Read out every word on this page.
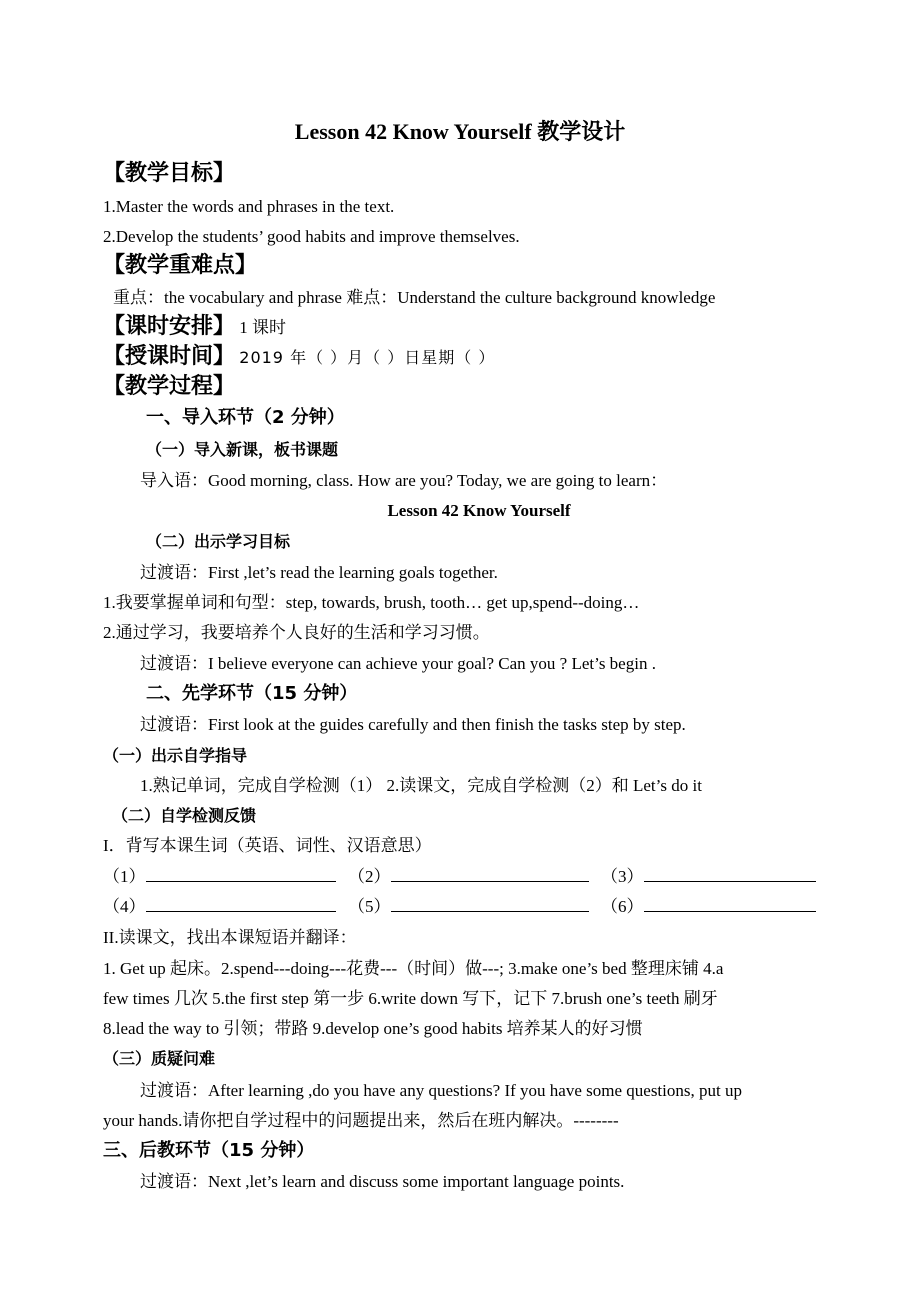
Lesson 42 Know Yourself 教学设计
【教学目标】
1.Master the words and phrases in the text.
2.Develop the students’ good habits and improve themselves.
【教学重难点】
重点：the vocabulary and phrase 难点：Understand the culture background knowledge
【课时安排】 1 课时
【授课时间】 2019 年（ ）月（ ）日星期（ ）
【教学过程】
一、导入环节（2 分钟）
（一）导入新课，板书课题
导入语：Good morning, class. How are you? Today, we are going to learn：
Lesson 42 Know Yourself
（二）出示学习目标
过渡语：First ,let’s read the learning goals together.
1.我要掌握单词和句型：step, towards, brush, tooth… get up,spend--doing…
2.通过学习，我要培养个人良好的生活和学习习惯。
过渡语：I believe everyone can achieve your goal? Can you ? Let’s begin .
二、先学环节（15 分钟）
过渡语：First look at the guides carefully and then finish the tasks step by step.
（一）出示自学指导
1.熟记单词，完成自学检测（1） 2.读课文，完成自学检测（2）和 Let’s do it
（二）自学检测反馈
I．背写本课生词（英语、词性、汉语意思）
（1）	（2）	（3）
（4）	（5）	（6）
II.读课文，找出本课短语并翻译：
1. Get up 起床。2.spend---doing---花费---（时间）做---; 3.make one’s bed 整理床铺 4.a
few times 几次 5.the first step 第一步 6.write down 写下，记下 7.brush one’s teeth 刷牙
8.lead the way to 引领；带路 9.develop one’s good habits 培养某人的好习惯
（三）质疑问难
过渡语：After learning ,do you have any questions? If you have some questions, put up
your hands.请你把自学过程中的问题提出来，然后在班内解决。--------
三、后教环节（15 分钟）
过渡语：Next ,let’s learn and discuss some important language points.
